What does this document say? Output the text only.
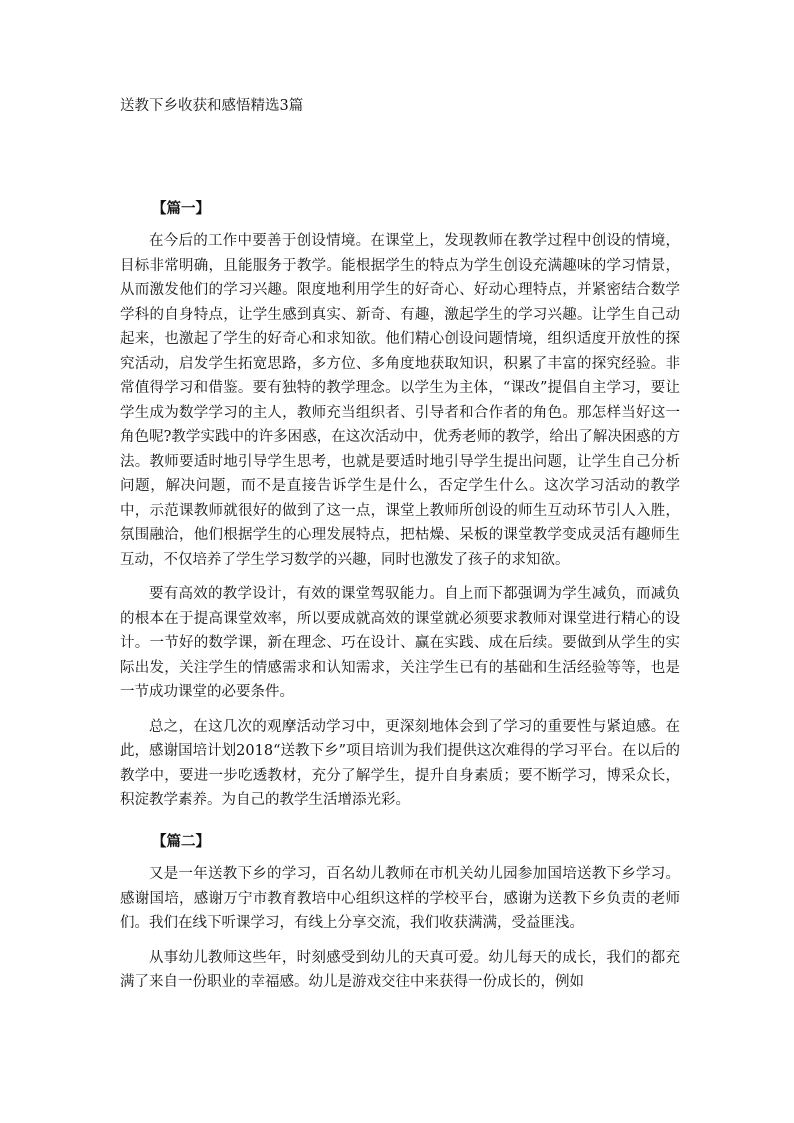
送教下乡收获和感悟精选3篇
【篇一】

在今后的工作中要善于创设情境。在课堂上，发现教师在教学过程中创设的情境，目标非常明确，且能服务于教学。能根据学生的特点为学生创设充满趣味的学习情景，从而激发他们的学习兴趣。限度地利用学生的好奇心、好动心理特点，并紧密结合数学学科的自身特点，让学生感到真实、新奇、有趣，激起学生的学习兴趣。让学生自己动起来，也激起了学生的好奇心和求知欲。他们精心创设问题情境，组织适度开放性的探究活动，启发学生拓宽思路，多方位、多角度地获取知识，积累了丰富的探究经验。非常值得学习和借鉴。要有独特的教学理念。以学生为主体，“课改”提倡自主学习，要让学生成为数学学习的主人，教师充当组织者、引导者和合作者的角色。那怎样当好这一角色呢?教学实践中的许多困惑，在这次活动中，优秀老师的教学，给出了解决困惑的方法。教师要适时地引导学生思考，也就是要适时地引导学生提出问题，让学生自己分析问题，解决问题，而不是直接告诉学生是什么，否定学生什么。这次学习活动的教学中，示范课教师就很好的做到了这一点，课堂上教师所创设的师生互动环节引人入胜，氛围融洽，他们根据学生的心理发展特点，把枯燥、呆板的课堂教学变成灵活有趣师生互动，不仅培养了学生学习数学的兴趣，同时也激发了孩子的求知欲。

要有高效的教学设计，有效的课堂驾驭能力。自上而下都强调为学生减负，而减负的根本在于提高课堂效率，所以要成就高效的课堂就必须要求教师对课堂进行精心的设计。一节好的数学课，新在理念、巧在设计、赢在实践、成在后续。要做到从学生的实际出发，关注学生的情感需求和认知需求，关注学生已有的基础和生活经验等等，也是一节成功课堂的必要条件。

总之，在这几次的观摩活动学习中，更深刻地体会到了学习的重要性与紧迫感。在此，感谢国培计划2018“送教下乡”项目培训为我们提供这次难得的学习平台。在以后的教学中，要进一步吃透教材，充分了解学生，提升自身素质；要不断学习，博采众长，积淀教学素养。为自己的教学生活增添光彩。

【篇二】

又是一年送教下乡的学习，百名幼儿教师在市机关幼儿园参加国培送教下乡学习。感谢国培，感谢万宁市教育教培中心组织这样的学校平台，感谢为送教下乡负责的老师们。我们在线下听课学习，有线上分享交流，我们收获满满，受益匪浅。

从事幼儿教师这些年，时刻感受到幼儿的天真可爱。幼儿每天的成长，我们的都充满了来自一份职业的幸福感。幼儿是游戏交往中来获得一份成长的，例如
